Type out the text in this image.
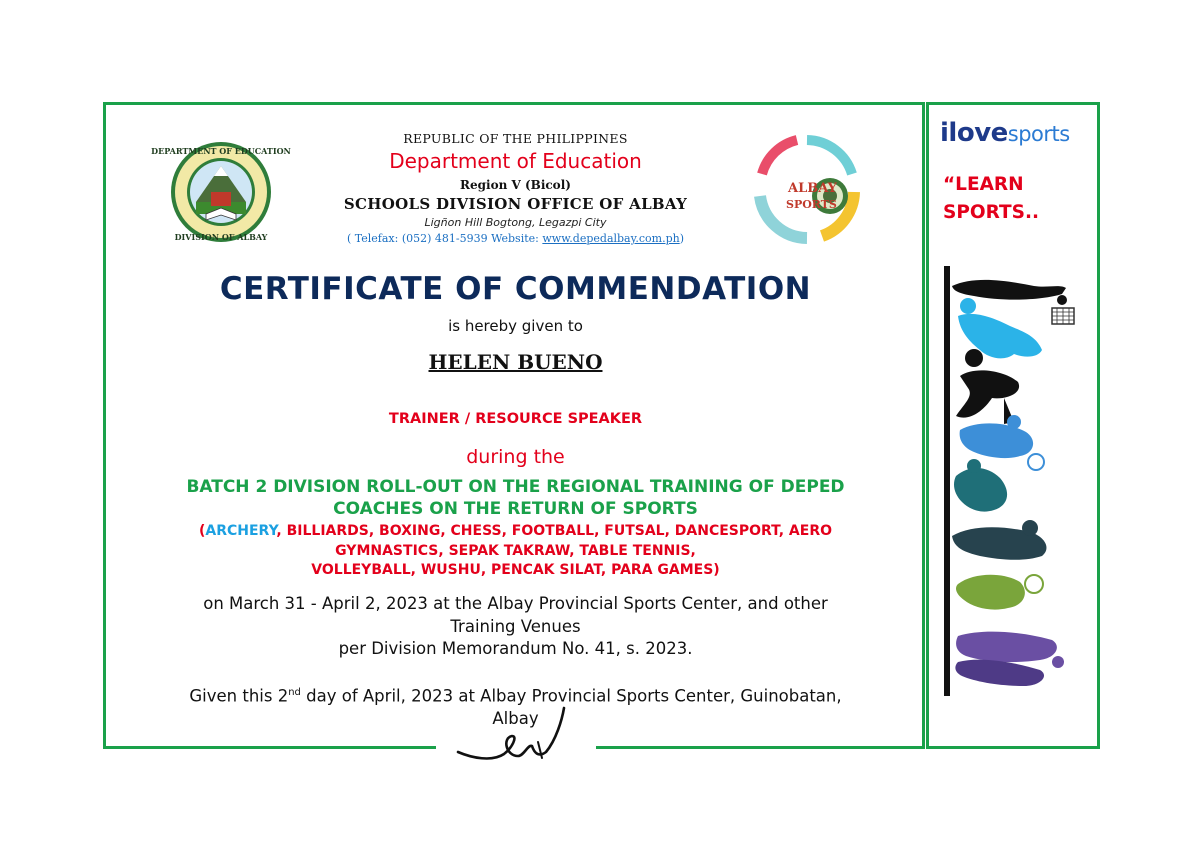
DEPARTMENT OF EDUCATION
DIVISION OF ALBAY
REPUBLIC OF THE PHILIPPINES
Department of Education
Region V (Bicol)
SCHOOLS DIVISION OFFICE OF ALBAY
Ligñon Hill Bogtong, Legazpi City
( Telefax: (052) 481-5939 Website: www.depedalbay.com.ph)
ALBAY
SPORTS
CERTIFICATE OF COMMENDATION
is hereby given to
HELEN BUENO
TRAINER / RESOURCE SPEAKER
during the
BATCH 2 DIVISION ROLL-OUT ON THE REGIONAL TRAINING OF DEPED
COACHES ON THE RETURN OF SPORTS
(ARCHERY, BILLIARDS, BOXING, CHESS, FOOTBALL, FUTSAL, DANCESPORT, AERO
GYMNASTICS, SEPAK TAKRAW, TABLE TENNIS,
VOLLEYBALL, WUSHU, PENCAK SILAT, PARA GAMES)
on March 31 - April 2, 2023 at the Albay Provincial Sports Center, and other
Training Venues
per Division Memorandum No. 41, s. 2023.
Given this 2nd day of April, 2023 at Albay Provincial Sports Center, Guinobatan,
Albay
ilovesports
“LEARN
SPORTS..
